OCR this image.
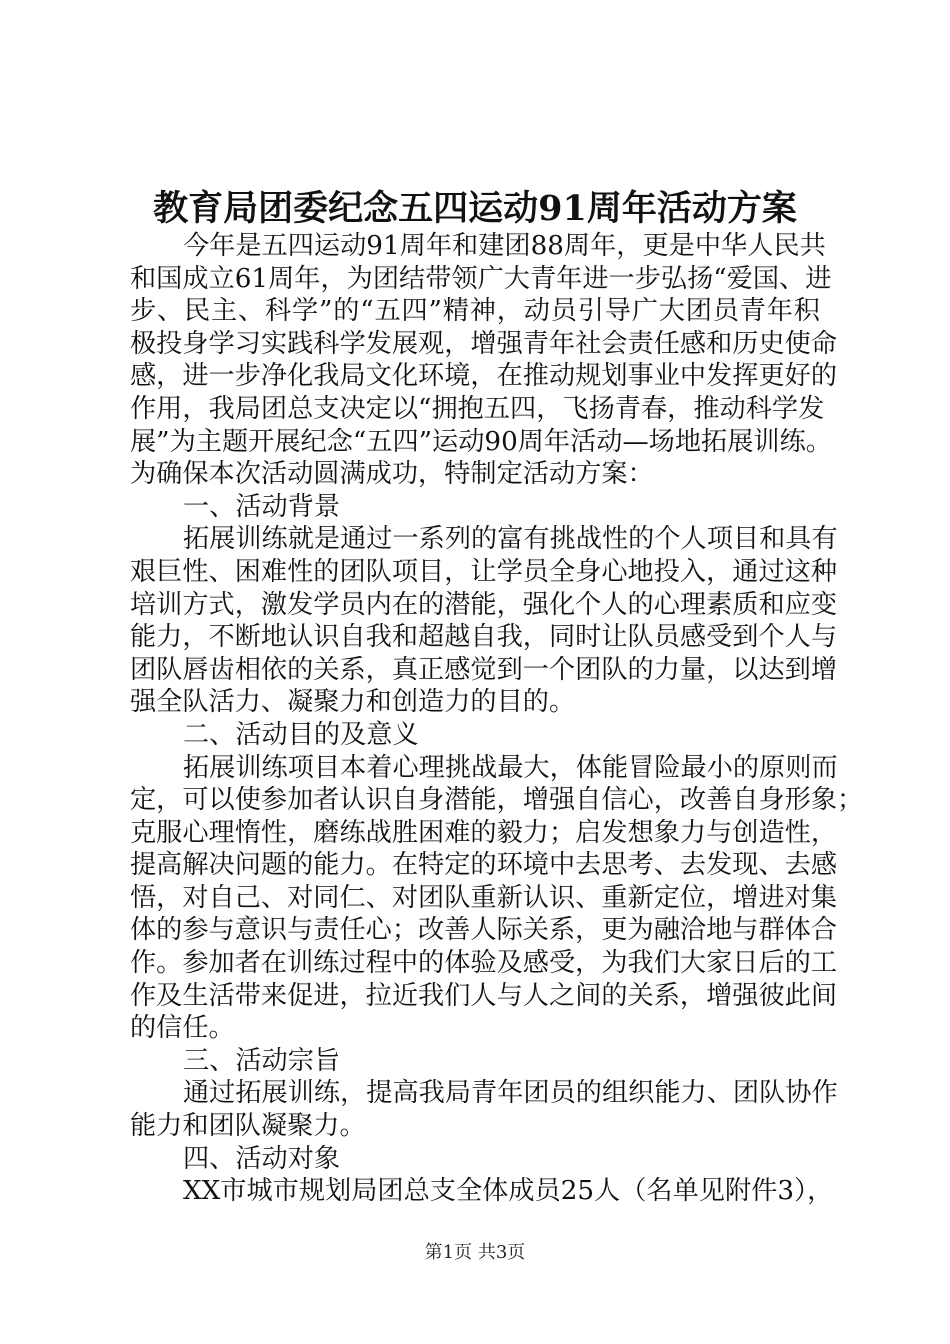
教育局团委纪念五四运动91周年活动方案
今年是五四运动91周年和建团88周年，更是中华人民共
和国成立61周年，为团结带领广大青年进一步弘扬“爱国、进
步、民主、科学”的“五四”精神，动员引导广大团员青年积
极投身学习实践科学发展观，增强青年社会责任感和历史使命
感，进一步净化我局文化环境，在推动规划事业中发挥更好的
作用，我局团总支决定以“拥抱五四，飞扬青春，推动科学发
展”为主题开展纪念“五四”运动90周年活动—场地拓展训练。
为确保本次活动圆满成功，特制定活动方案：
一、活动背景
拓展训练就是通过一系列的富有挑战性的个人项目和具有
艰巨性、困难性的团队项目，让学员全身心地投入，通过这种
培训方式，激发学员内在的潜能，强化个人的心理素质和应变
能力，不断地认识自我和超越自我，同时让队员感受到个人与
团队唇齿相依的关系，真正感觉到一个团队的力量，以达到增
强全队活力、凝聚力和创造力的目的。
二、活动目的及意义
拓展训练项目本着心理挑战最大，体能冒险最小的原则而
定，可以使参加者认识自身潜能，增强自信心，改善自身形象；
克服心理惰性，磨练战胜困难的毅力；启发想象力与创造性，
提高解决问题的能力。在特定的环境中去思考、去发现、去感
悟，对自己、对同仁、对团队重新认识、重新定位，增进对集
体的参与意识与责任心；改善人际关系，更为融洽地与群体合
作。参加者在训练过程中的体验及感受，为我们大家日后的工
作及生活带来促进，拉近我们人与人之间的关系，增强彼此间
的信任。
三、活动宗旨
通过拓展训练，提高我局青年团员的组织能力、团队协作
能力和团队凝聚力。
四、活动对象
XX市城市规划局团总支全体成员25人（名单见附件3），
第1页 共3页
